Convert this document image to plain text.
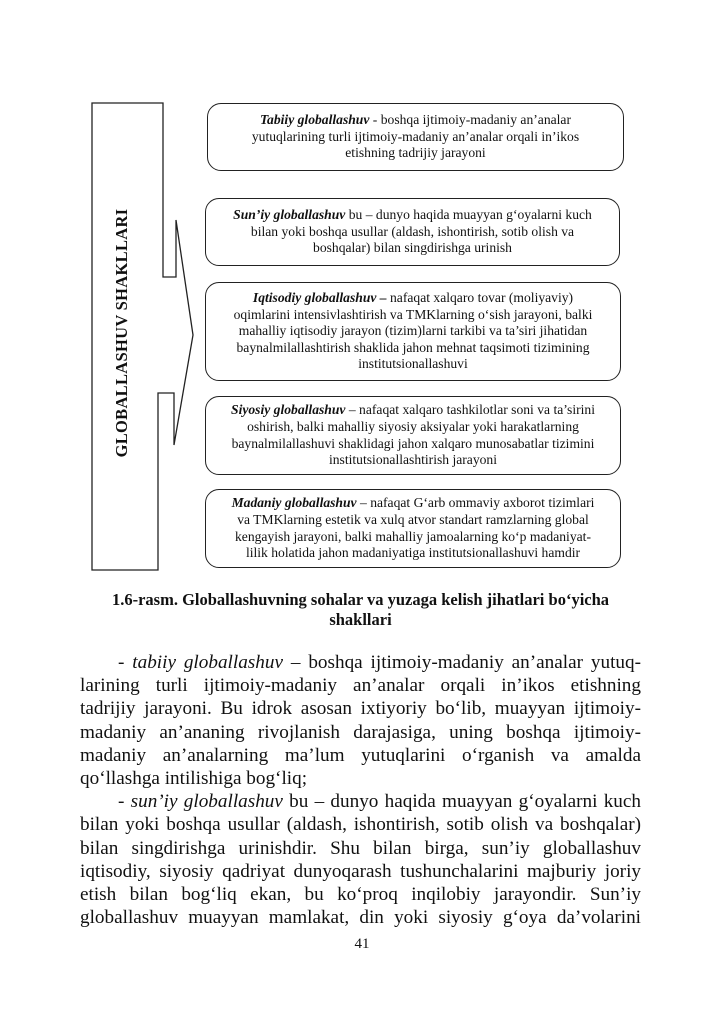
GLOBALLASHUV SHAKLLARI
Tabiiy globallashuv - boshqa ijtimoiy-madaniy an’analar
yutuqlarining turli ijtimoiy-madaniy an’analar orqali in’ikos
etishning tadrijiy jarayoni
Sun’iy globallashuv bu – dunyo haqida muayyan g‘oyalarni kuch
bilan yoki boshqa usullar (aldash, ishontirish, sotib olish va
boshqalar) bilan singdirishga urinish
Iqtisodiy globallashuv – nafaqat xalqaro tovar (moliyaviy)
oqimlarini intensivlashtirish va TMKlarning o‘sish jarayoni, balki
mahalliy iqtisodiy jarayon (tizim)larni tarkibi va ta’siri jihatidan
baynalmilallashtirish shaklida jahon mehnat taqsimoti tizimining
institutsionallashuvi
Siyosiy globallashuv – nafaqat xalqaro tashkilotlar soni va ta’sirini
oshirish, balki mahalliy siyosiy aksiyalar yoki harakatlarning
baynalmilallashuvi shaklidagi jahon xalqaro munosabatlar tizimini
institutsionallashtirish jarayoni
Madaniy globallashuv – nafaqat G‘arb ommaviy axborot tizimlari
va TMKlarning estetik va xulq atvor standart ramzlarning global
kengayish jarayoni, balki mahalliy jamoalarning ko‘p madaniyat-
lilik holatida jahon madaniyatiga institutsionallashuvi hamdir
1.6-rasm. Globallashuvning sohalar va yuzaga kelish jihatlari bo‘yicha
shakllari
- tabiiy globallashuv – boshqa ijtimoiy-madaniy an’analar yutuq-
larining turli ijtimoiy-madaniy an’analar orqali in’ikos etishning
tadrijiy jarayoni. Bu idrok asosan ixtiyoriy bo‘lib, muayyan ijtimoiy-
madaniy an’ananing rivojlanish darajasiga, uning boshqa ijtimoiy-
madaniy an’analarning ma’lum yutuqlarini o‘rganish va amalda
qo‘llashga intilishiga bog‘liq;
- sun’iy globallashuv bu – dunyo haqida muayyan g‘oyalarni kuch
bilan yoki boshqa usullar (aldash, ishontirish, sotib olish va boshqalar)
bilan singdirishga urinishdir. Shu bilan birga, sun’iy globallashuv
iqtisodiy, siyosiy qadriyat dunyoqarash tushunchalarini majburiy joriy
etish bilan bog‘liq ekan, bu ko‘proq inqilobiy jarayondir. Sun’iy
globallashuv muayyan mamlakat, din yoki siyosiy g‘oya da’volarini
41
